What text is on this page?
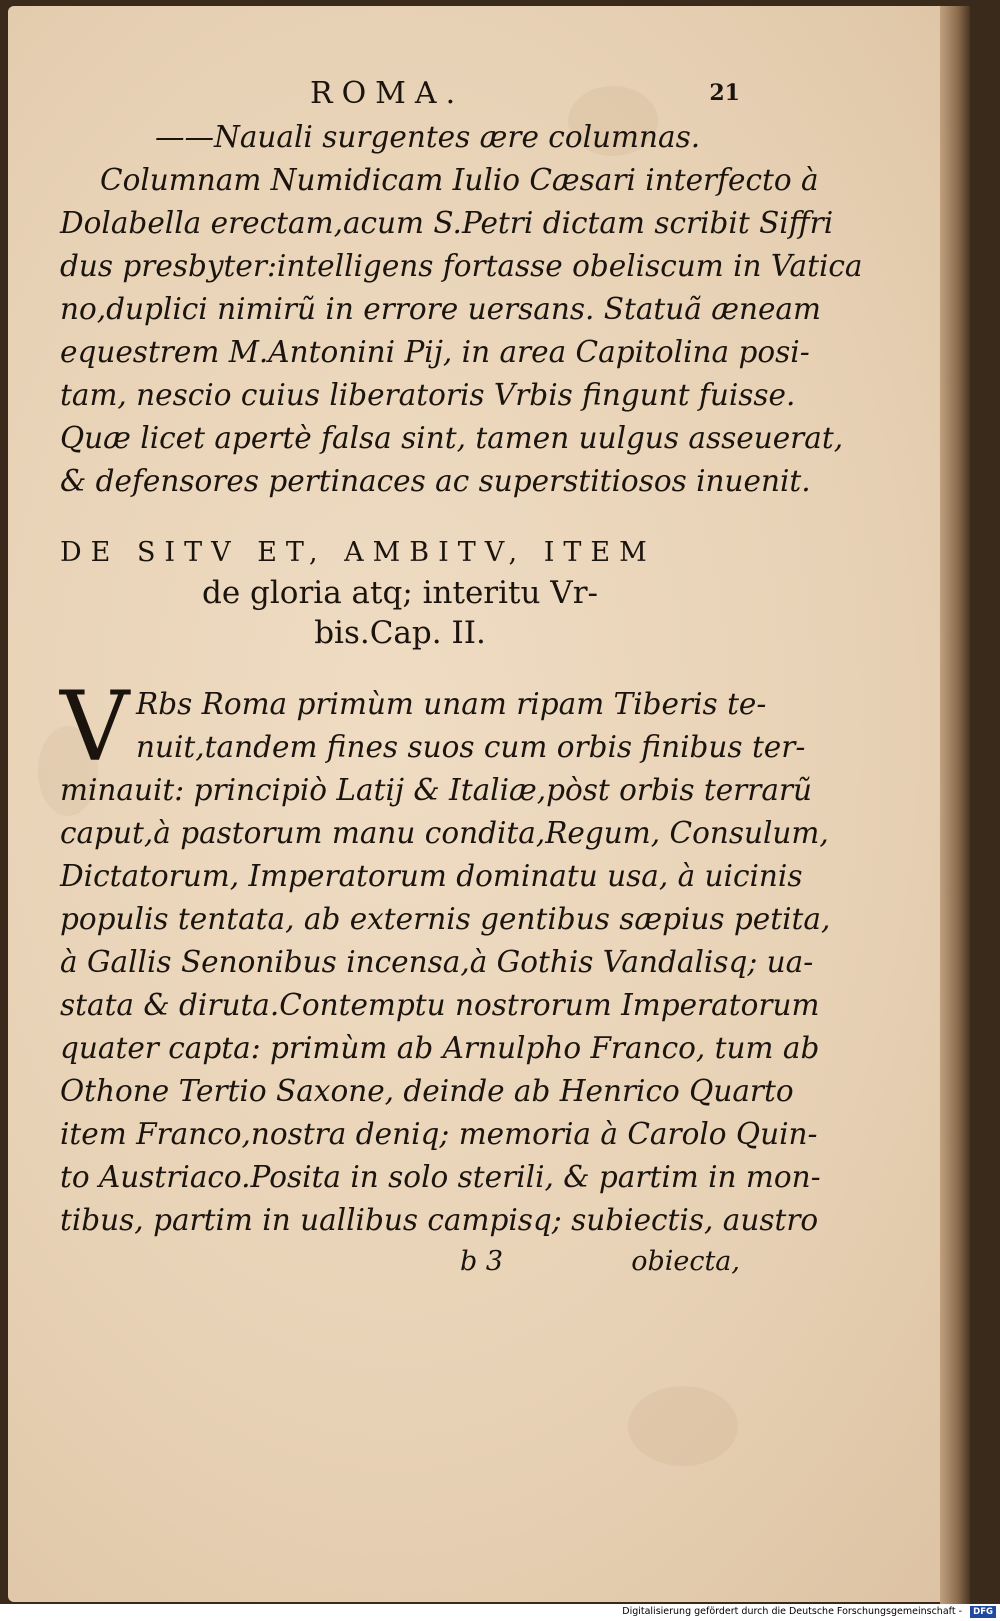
ROMA.	21
——Nauali surgentes ære columnas.
Columnam Numidicam Iulio Cæsari interfecto à
Dolabella erectam,acum S.Petri dictam scribit Siffri
dus presbyter:intelligens fortasse obeliscum in Vatica
no,duplici nimirũ in errore uersans. Statuã æneam
equestrem M.Antonini Pij, in area Capitolina posi-
tam, nescio cuius liberatoris Vrbis fingunt fuisse.
Quæ licet apertè falsa sint, tamen uulgus asseuerat,
& defensores pertinaces ac superstitiosos inuenit.
DE SITV ET, AMBITV, ITEM
de gloria atq; interitu Vr-
bis.Cap. II.
V Rbs Roma primùm unam ripam Tiberis te-
nuit,tandem fines suos cum orbis finibus ter-
minauit: principiò Latij & Italiæ,pòst orbis terrarũ
caput,à pastorum manu condita,Regum, Consulum,
Dictatorum, Imperatorum dominatu usa, à uicinis
populis tentata, ab externis gentibus sæpius petita,
à Gallis Senonibus incensa,à Gothis Vandalisq; ua-
stata & diruta.Contemptu nostrorum Imperatorum
quater capta: primùm ab Arnulpho Franco, tum ab
Othone Tertio Saxone, deinde ab Henrico Quarto
item Franco,nostra deniq; memoria à Carolo Quin-
to Austriaco.Posita in solo sterili, & partim in mon-
tibus, partim in uallibus campisq; subiectis, austro
b 3	obiecta,
Digitalisierung gefördert durch die Deutsche Forschungsgemeinschaft -	DFG
